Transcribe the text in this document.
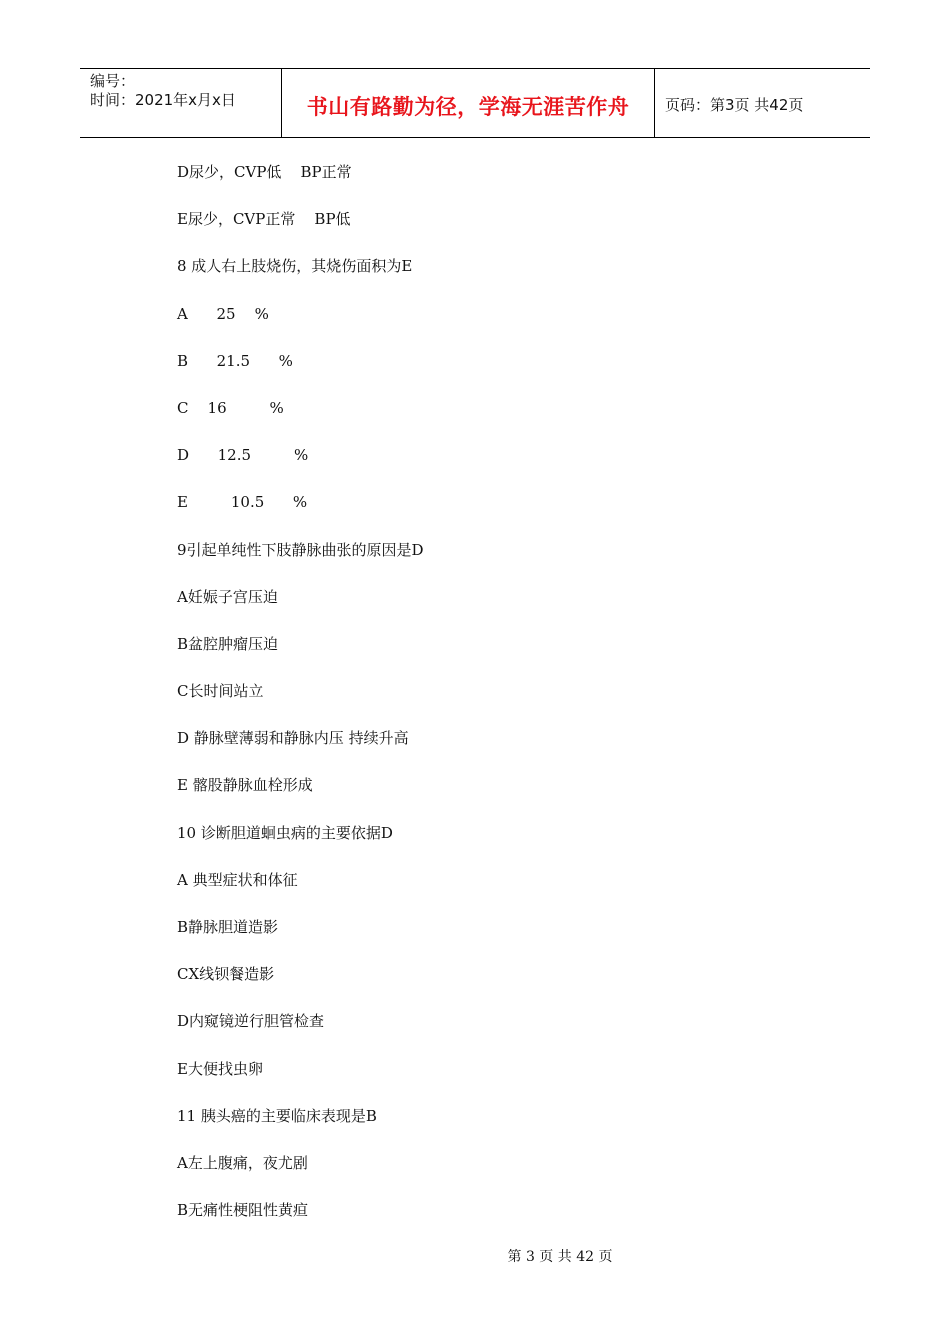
编号：
时间：2021年x月x日	书山有路勤为径，学海无涯苦作舟	页码：第3页 共42页
D尿少，CVP低    BP正常
E尿少，CVP正常    BP低
8 成人右上肢烧伤，其烧伤面积为E
A      25    %
B      21.5      %
C    16         %
D      12.5         %
E         10.5      %
9引起单纯性下肢静脉曲张的原因是D
A妊娠子宫压迫
B盆腔肿瘤压迫
C长时间站立
D 静脉壁薄弱和静脉内压 持续升高
E 髂股静脉血栓形成
10 诊断胆道蛔虫病的主要依据D
A 典型症状和体征
B静脉胆道造影
CX线钡餐造影
D内窥镜逆行胆管检查
E大便找虫卵
11 胰头癌的主要临床表现是B
A左上腹痛，夜尤剧
B无痛性梗阻性黄疸
第 3 页 共 42 页
